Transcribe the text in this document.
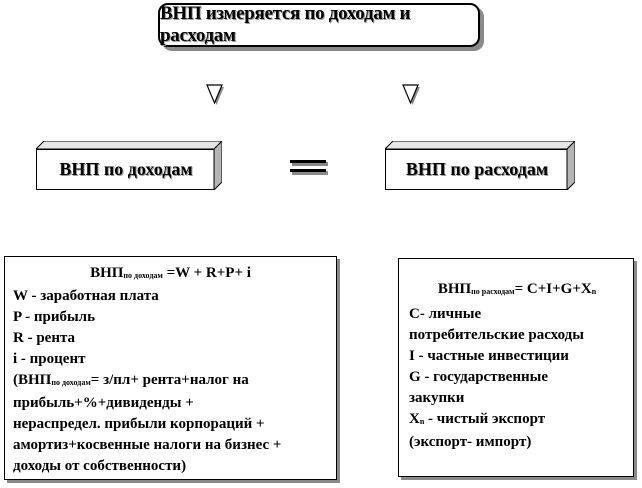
ВНП измеряется по доходам и расходам
ВНП по доходам	ВНП по расходам
$ВНП_{по доходам} =W + R+P+ i$
W - заработная плата
P - прибыль
R - рента
i - процент
($ВНП_{по доходам}= з/пл+$ рента+налог на
прибыль+%+дивиденды +
нераспредел. прибыли корпораций +
амортиз+косвенные налоги на бизнес +
доходы от собственности)
$ВНП_{по расходам}= C+I+G+X_n$
C- личные
потребительские расходы
I - частные инвестиции
G - государственные
закупки
$X_n$ - чистый экспорт
(экспорт- импорт)
